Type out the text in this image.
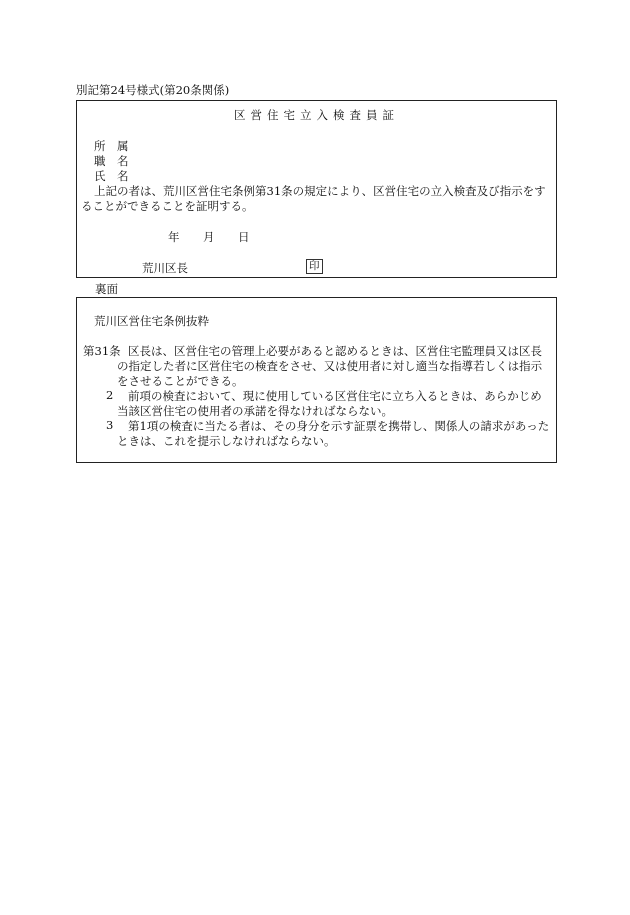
別記第24号様式(第20条関係)
区営住宅立入検査員証
所　属
職　名
氏　名
上記の者は、荒川区営住宅条例第31条の規定により、区営住宅の立入検査及び指示をす
ることができることを証明する。
年 月 日
荒川区長	印
裏面
荒川区営住宅条例抜粋
第31条 区長は、区営住宅の管理上必要があると認めるときは、区営住宅監理員又は区長
の指定した者に区営住宅の検査をさせ、又は使用者に対し適当な指導若しくは指示
をさせることができる。
2 前項の検査において、現に使用している区営住宅に立ち入るときは、あらかじめ
当該区営住宅の使用者の承諾を得なければならない。
3 第1項の検査に当たる者は、その身分を示す証票を携帯し、関係人の請求があった
ときは、これを提示しなければならない。
